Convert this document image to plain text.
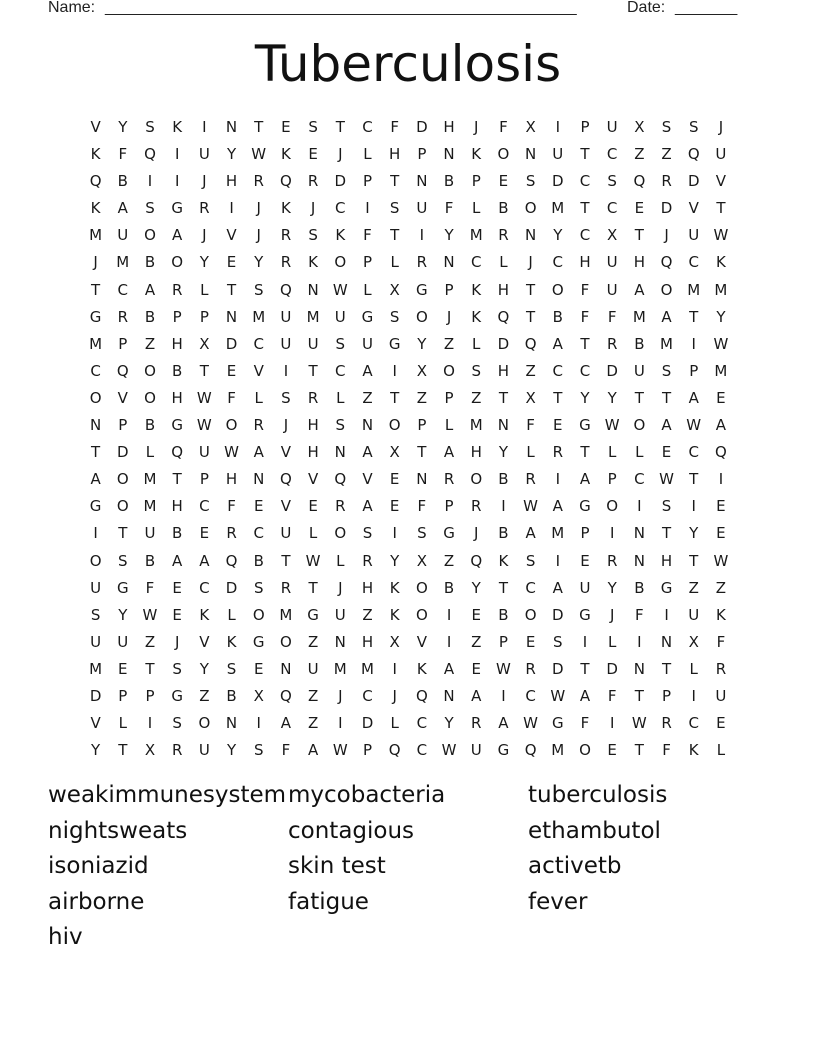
Name: _____________________________________________________	Date: _______
Tuberculosis
V	Y	S	K	I	N	T	E	S	T	C	F	D	H	J	F	X	I	P	U	X	S	S	J
K	F	Q	I	U	Y	W K	E	J	L	H	P	N	K	O	N	U	T	C	Z	Z	Q	U
Q	B	I	I	J	H	R	Q	R	D	P	T	N	B	P	E	S	D	C	S	Q	R	D	V
K	A	S	G	R	I	J	K	J	C	I	S	U	F	L	B	O M	T	C	E	D	V	T
M	U	O	A	J	V	J	R	S	K	F	T	I	Y	M	R	N	Y	C	X	T	J	U W
J	M	B	O	Y	E	Y	R	K	O	P	L	R	N	C	L	J	C	H	U	H	Q	C	K
T	C	A	R	L	T	S	Q	N W	L	X	G	P	K	H	T	O	F	U	A	O M M
G	R	B	P	P	N	M	U	M	U	G	S	O	J	K	Q	T	B	F	F	M	A	T	Y
M	P	Z	H	X	D	C	U	U	S	U	G	Y	Z	L	D	Q	A	T	R	B	M	I	W
C	Q	O	B	T	E	V	I	T	C	A	I	X	O	S	H	Z	C	C	D	U	S	P	M
O	V	O	H W	F	L	S	R	L	Z	T	Z	P	Z	T	X	T	Y	Y	T	T	A	E
N	P	B	G W O	R	J	H	S	N	O	P	L	M	N	F	E	G W O	A W A
T	D	L	Q	U W A	V	H	N	A	X	T	A	H	Y	L	R	T	L	L	E	C	Q
A	O M	T	P	H	N	Q	V	Q	V	E	N	R	O	B	R	I	A	P	C W	T	I
G	O M	H	C	F	E	V	E	R	A	E	F	P	R	I	W A	G	O	I	S	I	E
I	T	U	B	E	R	C	U	L	O	S	I	S	G	J	B	A	M	P	I	N	T	Y	E
O	S	B	A	A	Q	B	T	W	L	R	Y	X	Z	Q	K	S	I	E	R	N	H	T	W
U	G	F	E	C	D	S	R	T	J	H	K	O	B	Y	T	C	A	U	Y	B	G	Z	Z
S	Y	W	E	K	L	O M G	U	Z	K	O	I	E	B	O	D	G	J	F	I	U	K
U	U	Z	J	V	K	G	O	Z	N	H	X	V	I	Z	P	E	S	I	L	I	N	X	F
M	E	T	S	Y	S	E	N	U	M M	I	K	A	E	W R	D	T	D	N	T	L	R
D	P	P	G	Z	B	X	Q	Z	J	C	J	Q	N	A	I	C W A	F	T	P	I	U
V	L	I	S	O	N	I	A	Z	I	D	L	C	Y	R	A W G	F	I	W R	C	E
Y	T	X	R	U	Y	S	F	A W	P	Q	C W U	G	Q M O	E	T	F	K	L
weakimmunesystem mycobacteria	tuberculosis
nightsweats	contagious	ethambutol
isoniazid	skin test	activetb
airborne	fatigue	fever
hiv
